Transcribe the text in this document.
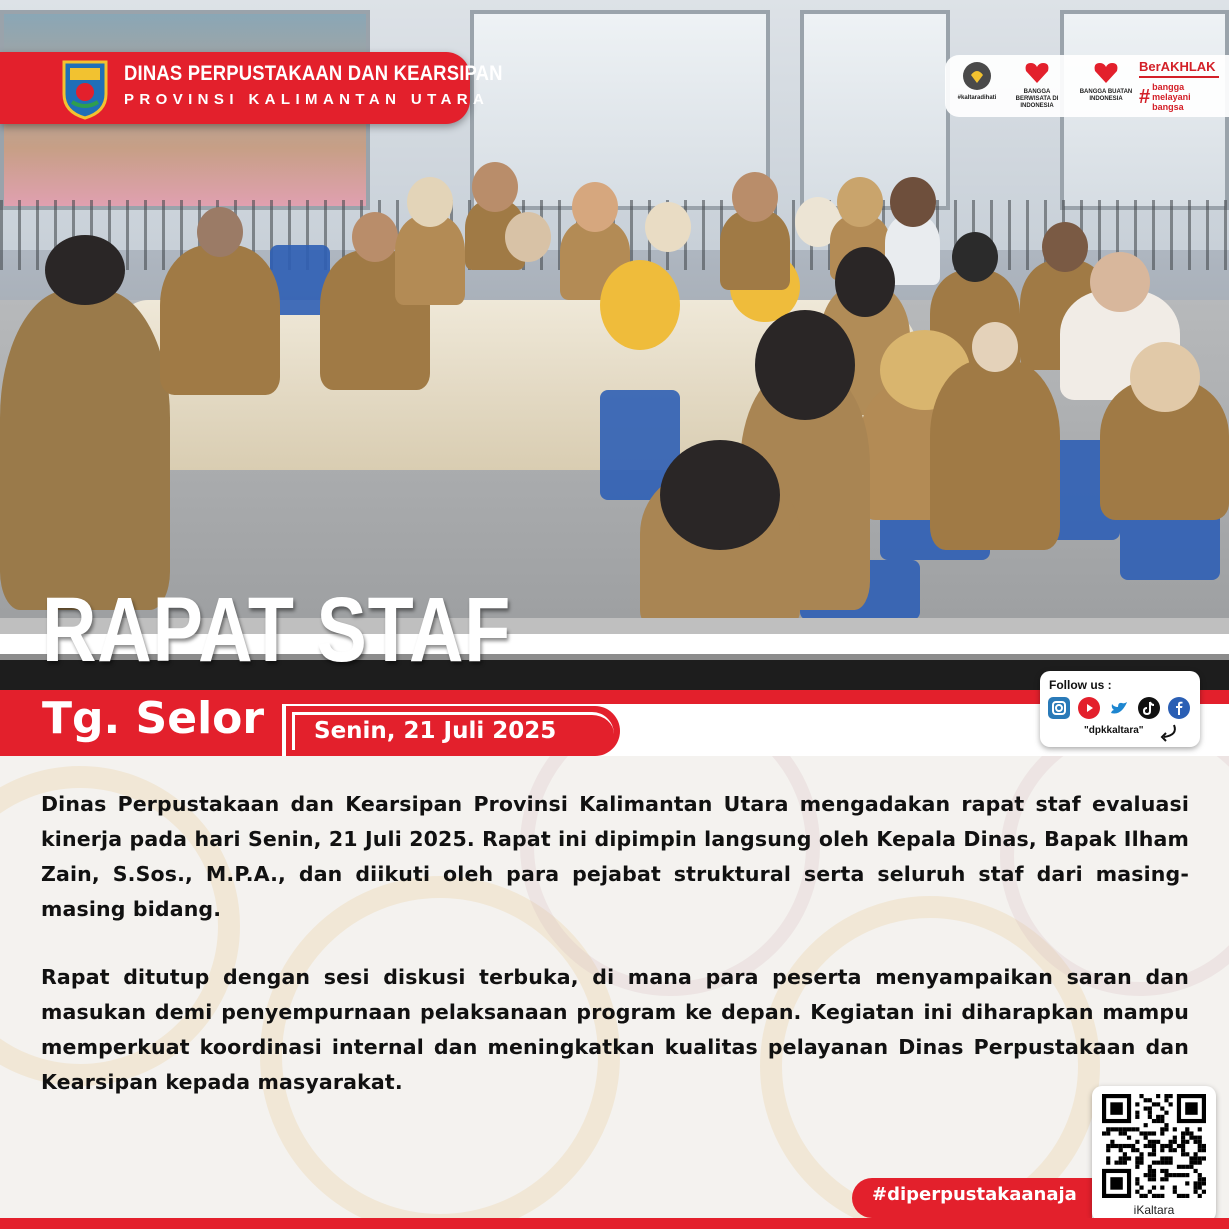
DINAS PERPUSTAKAAN DAN KEARSIPAN
PROVINSI KALIMANTAN UTARA	#kaltaradihati
BANGGA BERWISATA DI INDONESIA
BANGGA BUATAN INDONESIA
BerAKHLAK
# bangga
melayani
bangsa
RAPAT STAF
Tg. Selor Senin, 21 Juli 2025
Follow us :
"dpkkaltara"
Dinas Perpustakaan dan Kearsipan Provinsi Kalimantan Utara mengadakan rapat staf evaluasi kinerja pada hari Senin, 21 Juli 2025. Rapat ini dipimpin langsung oleh Kepala Dinas, Bapak Ilham Zain, S.Sos., M.P.A., dan diikuti oleh para pejabat struktural serta seluruh staf dari masing-masing bidang.
Rapat ditutup dengan sesi diskusi terbuka, di mana para peserta menyampaikan saran dan masukan demi penyempurnaan pelaksanaan program ke depan. Kegiatan ini diharapkan mampu memperkuat koordinasi internal dan meningkatkan kualitas pelayanan Dinas Perpustakaan dan Kearsipan kepada masyarakat.
#diperpustakaanaja
iKaltara
